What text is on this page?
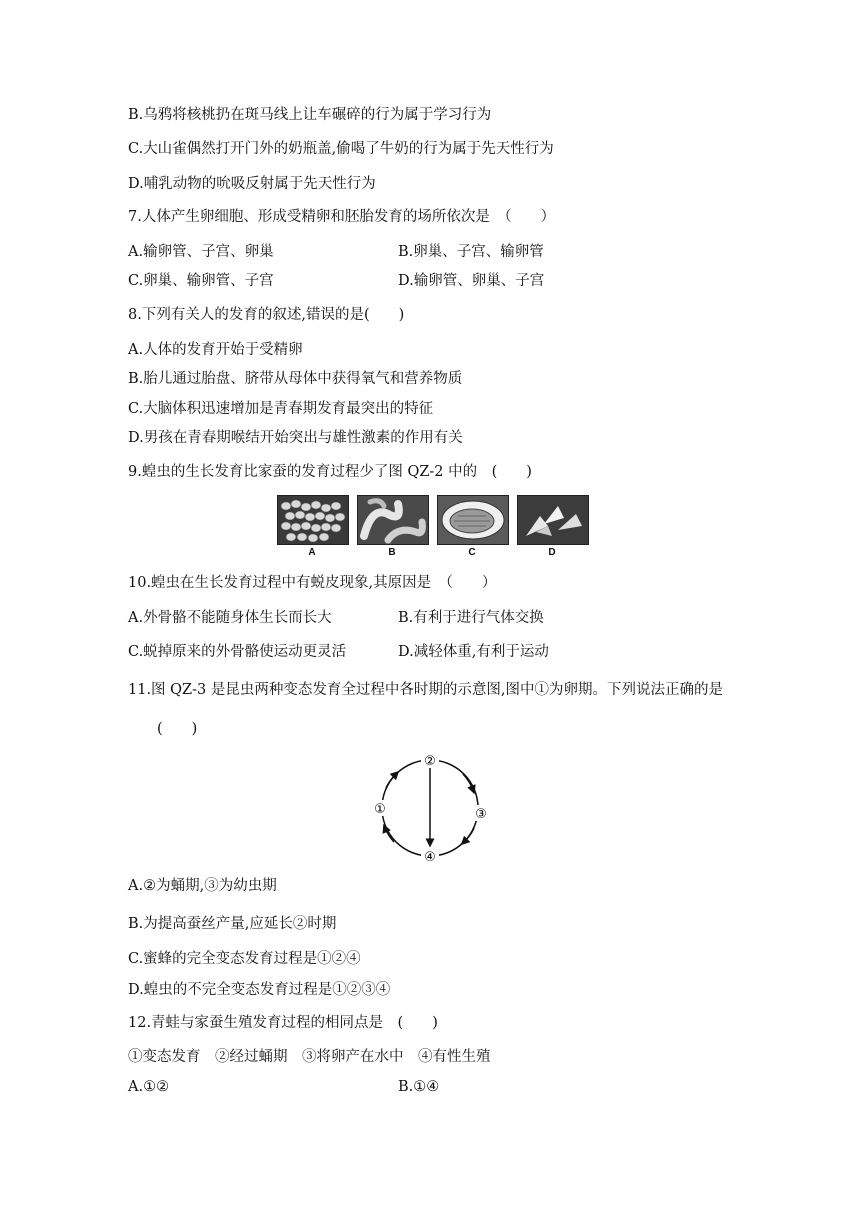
B.乌鸦将核桃扔在斑马线上让车碾碎的行为属于学习行为
C.大山雀偶然打开门外的奶瓶盖,偷喝了牛奶的行为属于先天性行为
D.哺乳动物的吮吸反射属于先天性行为
7.人体产生卵细胞、形成受精卵和胚胎发育的场所依次是　（　　）
A.输卵管、子宫、卵巢	B.卵巢、子宫、输卵管
C.卵巢、输卵管、子宫	D.输卵管、卵巢、子宫
8.下列有关人的发育的叙述,错误的是(　　)
A.人体的发育开始于受精卵
B.胎儿通过胎盘、脐带从母体中获得氧气和营养物质
C.大脑体积迅速增加是青春期发育最突出的特征
D.男孩在青春期喉结开始突出与雄性激素的作用有关
9.蝗虫的生长发育比家蚕的发育过程少了图 QZ-2 中的　(　　)
A	B	C	D
10.蝗虫在生长发育过程中有蜕皮现象,其原因是　（　　）
A.外骨骼不能随身体生长而长大	B.有利于进行气体交换
C.蜕掉原来的外骨骼使运动更灵活	D.减轻体重,有利于运动
11.图 QZ-3 是昆虫两种变态发育全过程中各时期的示意图,图中①为卵期。下列说法正确的是
(　　)
②
③
④
①
A.②为蛹期,③为幼虫期
B.为提高蚕丝产量,应延长②时期
C.蜜蜂的完全变态发育过程是①②④
D.蝗虫的不完全变态发育过程是①②③④
12.青蛙与家蚕生殖发育过程的相同点是　(　　)
①变态发育　②经过蛹期　③将卵产在水中　④有性生殖
A.①②	B.①④
